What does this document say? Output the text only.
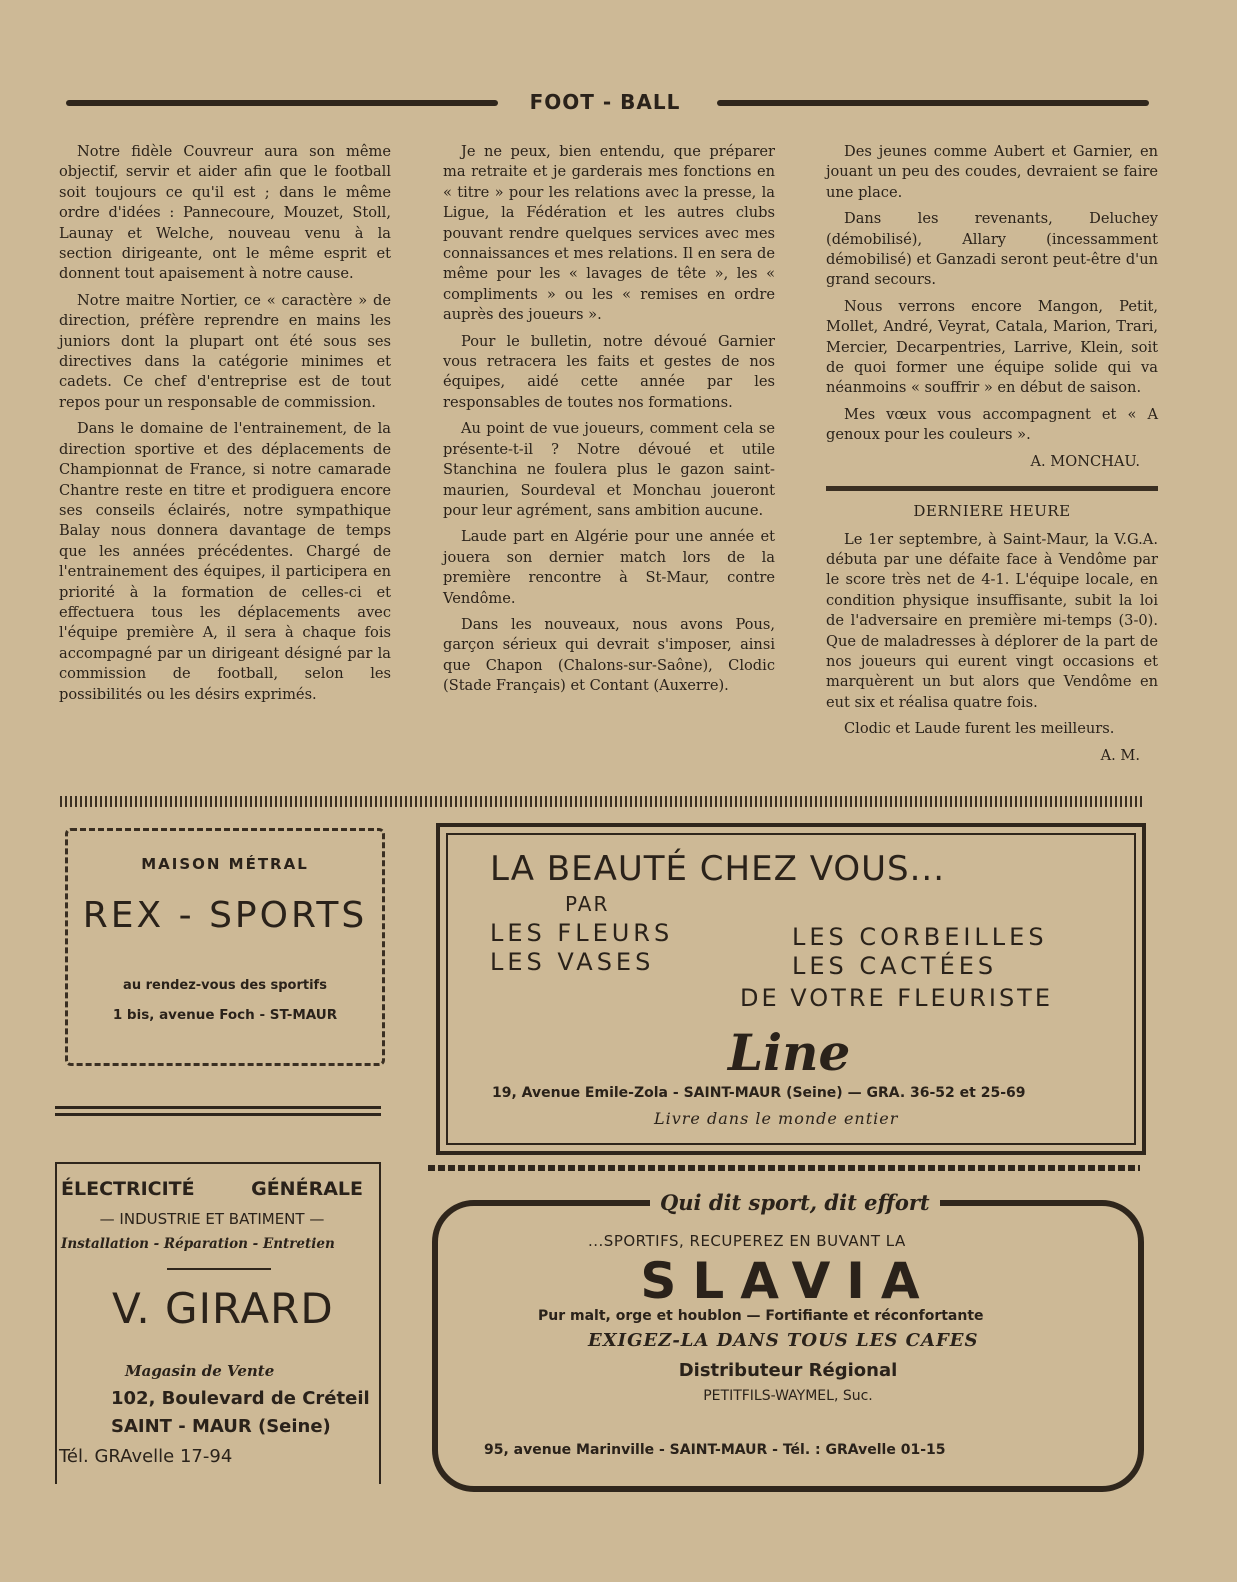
FOOT - BALL

Notre fidèle Couvreur aura son même objectif, servir et aider afin que le football soit toujours ce qu'il est ; dans le même ordre d'idées : Pannecoure, Mouzet, Stoll, Launay et Welche, nouveau venu à la section dirigeante, ont le même esprit et donnent tout apaisement à notre cause.

Notre maitre Nortier, ce « caractère » de direction, préfère reprendre en mains les juniors dont la plupart ont été sous ses directives dans la catégorie minimes et cadets. Ce chef d'entreprise est de tout repos pour un responsable de commission.

Dans le domaine de l'entrainement, de la direction sportive et des déplacements de Championnat de France, si notre camarade Chantre reste en titre et prodiguera encore ses conseils éclairés, notre sympathique Balay nous donnera davantage de temps que les années précédentes. Chargé de l'entrainement des équipes, il participera en priorité à la formation de celles-ci et effectuera tous les déplacements avec l'équipe première A, il sera à chaque fois accompagné par un dirigeant désigné par la commission de football, selon les possibilités ou les désirs exprimés.

Je ne peux, bien entendu, que préparer ma retraite et je garderais mes fonctions en « titre » pour les relations avec la presse, la Ligue, la Fédération et les autres clubs pouvant rendre quelques services avec mes connaissances et mes relations. Il en sera de même pour les « lavages de tête », les « compliments » ou les « remises en ordre auprès des joueurs ».

Pour le bulletin, notre dévoué Garnier vous retracera les faits et gestes de nos équipes, aidé cette année par les responsables de toutes nos formations.

Au point de vue joueurs, comment cela se présente-t-il ? Notre dévoué et utile Stanchina ne foulera plus le gazon saint-maurien, Sourdeval et Monchau joueront pour leur agrément, sans ambition aucune.

Laude part en Algérie pour une année et jouera son dernier match lors de la première rencontre à St-Maur, contre Vendôme.

Dans les nouveaux, nous avons Pous, garçon sérieux qui devrait s'imposer, ainsi que Chapon (Chalons-sur-Saône), Clodic (Stade Français) et Contant (Auxerre).

Des jeunes comme Aubert et Garnier, en jouant un peu des coudes, devraient se faire une place.

Dans les revenants, Deluchey (démobilisé), Allary (incessamment démobilisé) et Ganzadi seront peut-être d'un grand secours.

Nous verrons encore Mangon, Petit, Mollet, André, Veyrat, Catala, Marion, Trari, Mercier, Decarpentries, Larrive, Klein, soit de quoi former une équipe solide qui va néanmoins « souffrir » en début de saison.

Mes vœux vous accompagnent et « A genoux pour les couleurs ».

A. MONCHAU.

DERNIERE HEURE

Le 1er septembre, à Saint-Maur, la V.G.A. débuta par une défaite face à Vendôme par le score très net de 4-1. L'équipe locale, en condition physique insuffisante, subit la loi de l'adversaire en première mi-temps (3-0). Que de maladresses à déplorer de la part de nos joueurs qui eurent vingt occasions et marquèrent un but alors que Vendôme en eut six et réalisa quatre fois.

Clodic et Laude furent les meilleurs.

A. M.

MAISON MÉTRAL
REX - SPORTS
au rendez-vous des sportifs
1 bis, avenue Foch - ST-MAUR
LA BEAUTÉ CHEZ VOUS...
PAR
LES FLEURS
LES VASES
LES CORBEILLES
LES CACTÉES
DE VOTRE FLEURISTE
Line
19, Avenue Emile-Zola - SAINT-MAUR (Seine) — GRA. 36-52 et 25-69
Livre dans le monde entier
ÉLECTRICITÉ	GÉNÉRALE
— INDUSTRIE ET BATIMENT —
Installation - Réparation - Entretien
V. GIRARD
Magasin de Vente
102, Boulevard de Créteil
SAINT - MAUR (Seine)
Tél. GRAvelle 17-94
...SPORTIFS, RECUPEREZ EN BUVANT LA
SLAVIA
Pur malt, orge et houblon — Fortifiante et réconfortante
EXIGEZ-LA DANS TOUS LES CAFES
Distributeur Régional
PETITFILS-WAYMEL, Suc.
95, avenue Marinville - SAINT-MAUR - Tél. : GRAvelle 01-15
Qui dit sport, dit effort
